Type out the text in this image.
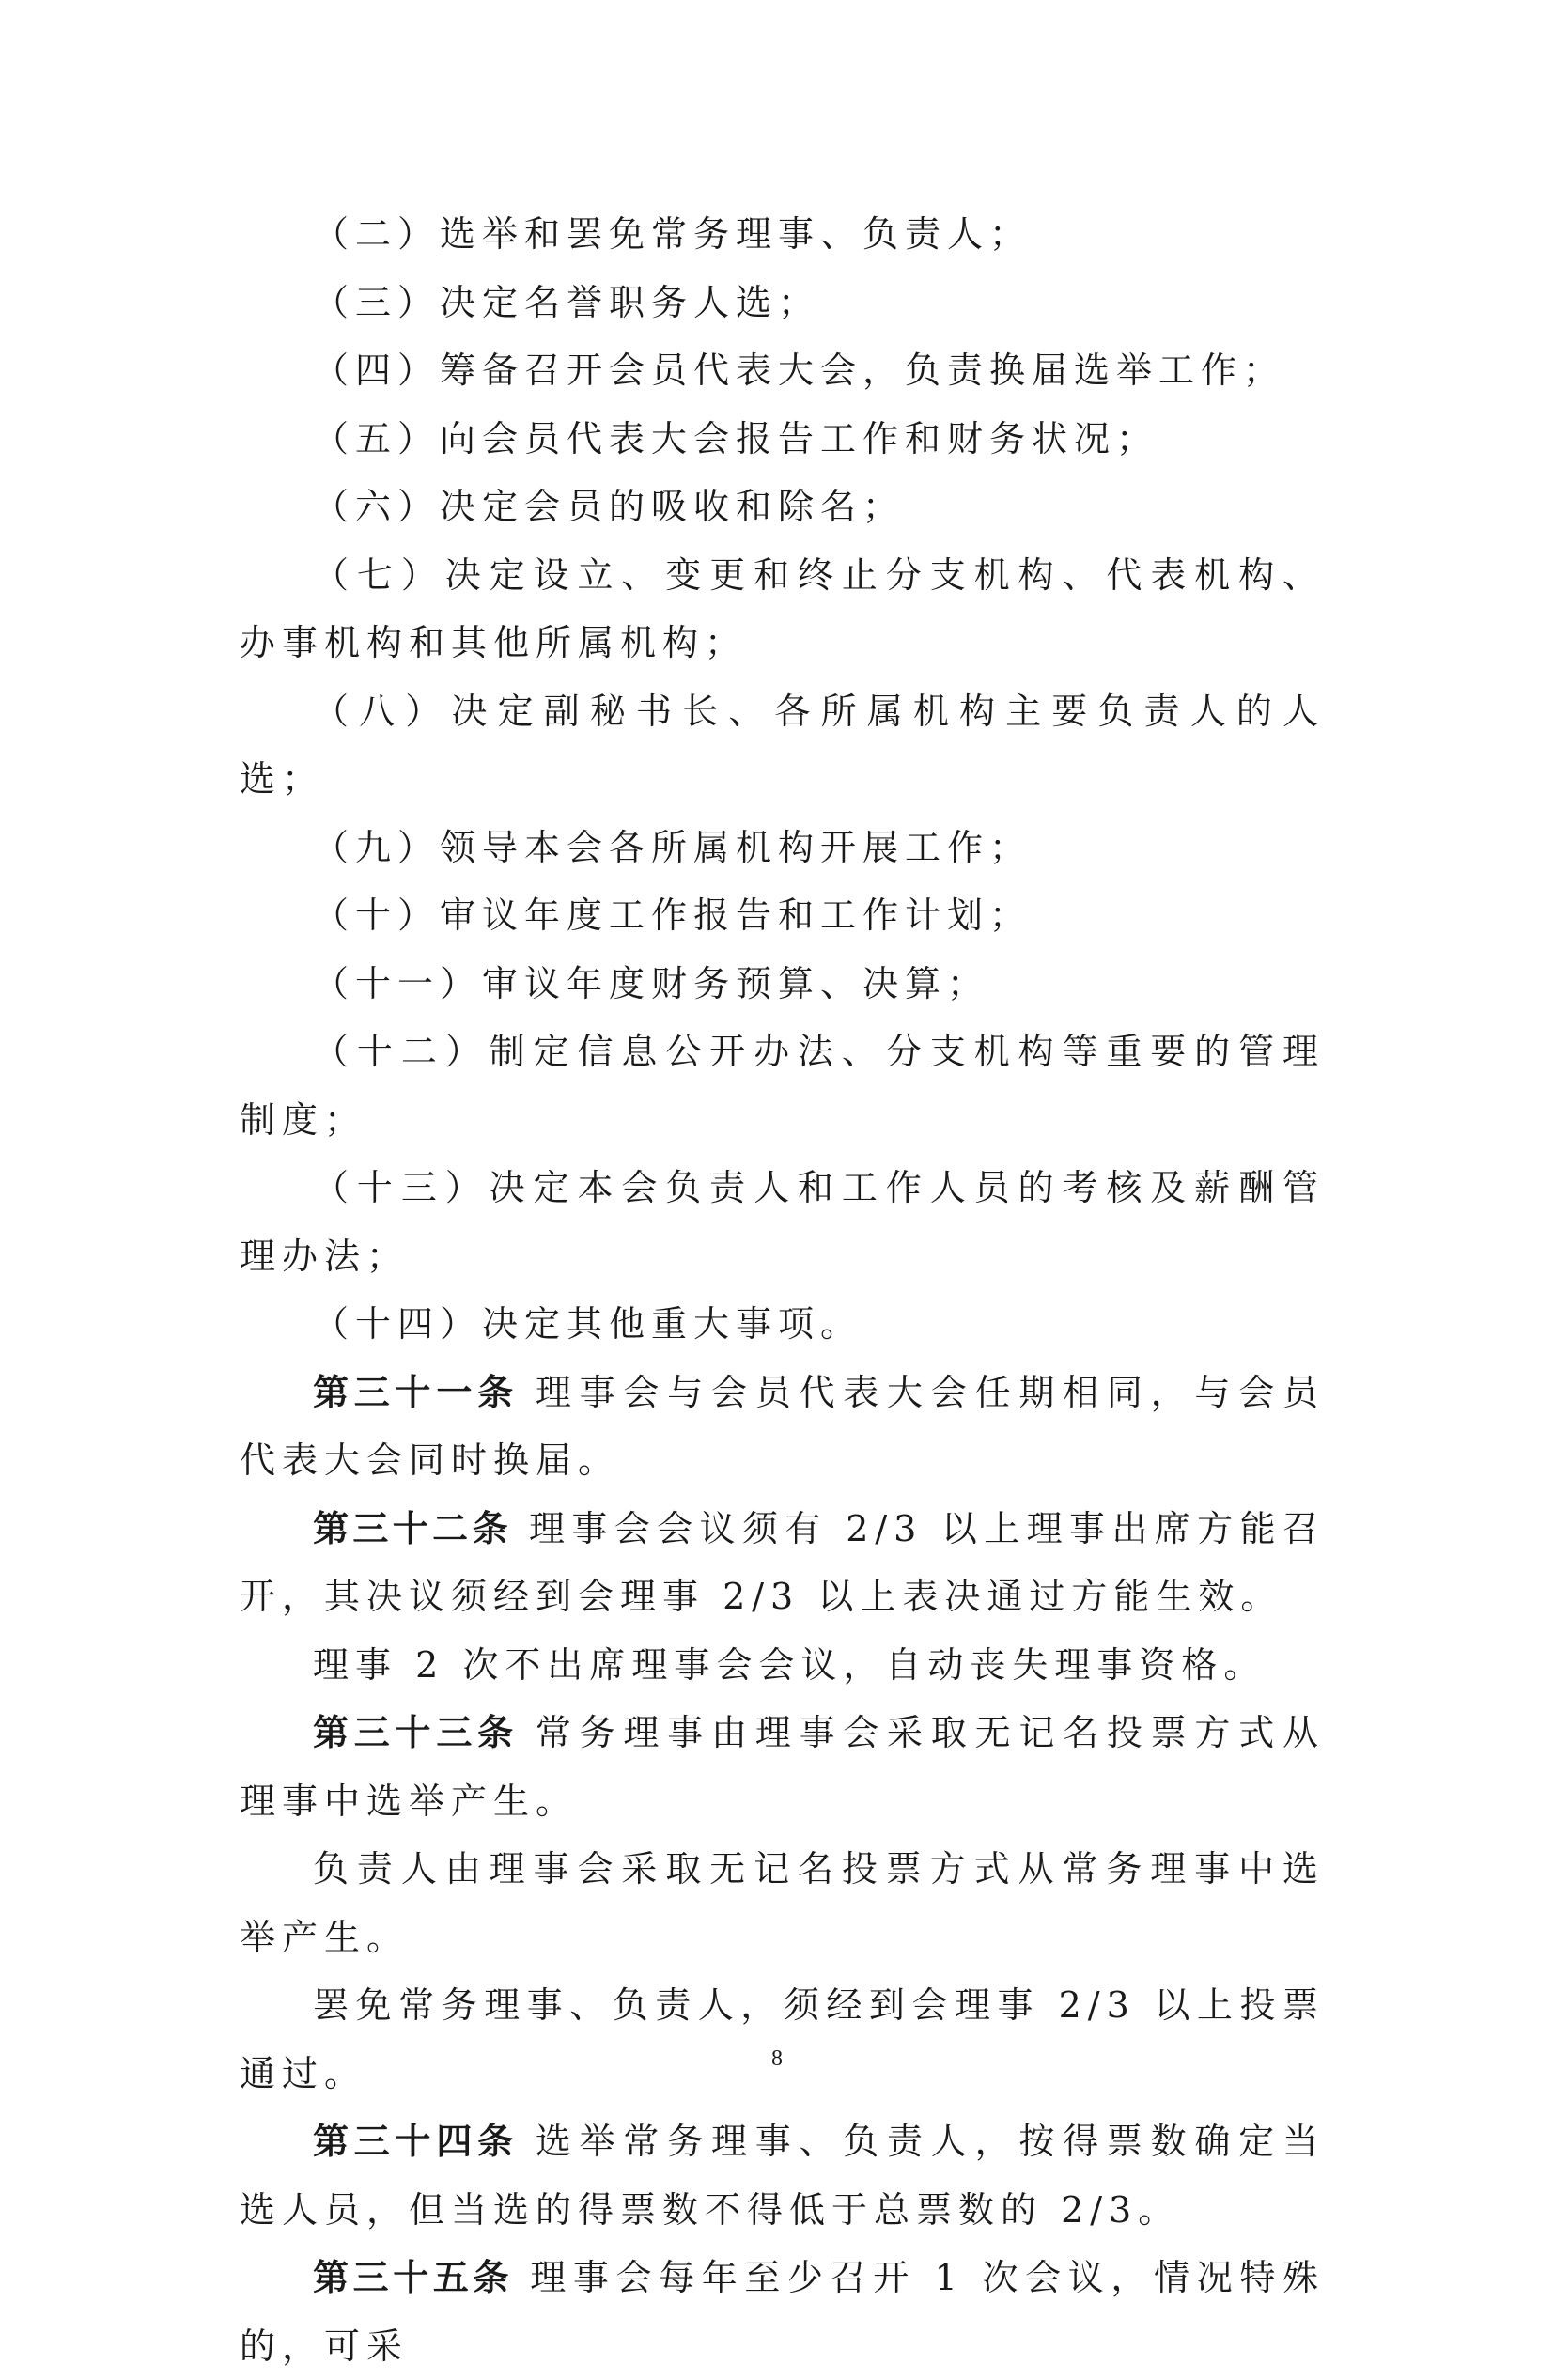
（二）选举和罢免常务理事、负责人；

（三）决定名誉职务人选；

（四）筹备召开会员代表大会，负责换届选举工作；

（五）向会员代表大会报告工作和财务状况；

（六）决定会员的吸收和除名；

（七）决定设立、变更和终止分支机构、代表机构、办事机构和其他所属机构；

（八）决定副秘书长、各所属机构主要负责人的人选；

（九）领导本会各所属机构开展工作；

（十）审议年度工作报告和工作计划；

（十一）审议年度财务预算、决算；

（十二）制定信息公开办法、分支机构等重要的管理制度；

（十三）决定本会负责人和工作人员的考核及薪酬管理办法；

（十四）决定其他重大事项。

第三十一条 理事会与会员代表大会任期相同，与会员代表大会同时换届。

第三十二条 理事会会议须有 2/3 以上理事出席方能召开，其决议须经到会理事 2/3 以上表决通过方能生效。

理事 2 次不出席理事会会议，自动丧失理事资格。

第三十三条 常务理事由理事会采取无记名投票方式从理事中选举产生。

负责人由理事会采取无记名投票方式从常务理事中选举产生。

罢免常务理事、负责人，须经到会理事 2/3 以上投票通过。

第三十四条 选举常务理事、负责人，按得票数确定当选人员，但当选的得票数不得低于总票数的 2/3。

第三十五条 理事会每年至少召开 1 次会议，情况特殊的，可采

8
